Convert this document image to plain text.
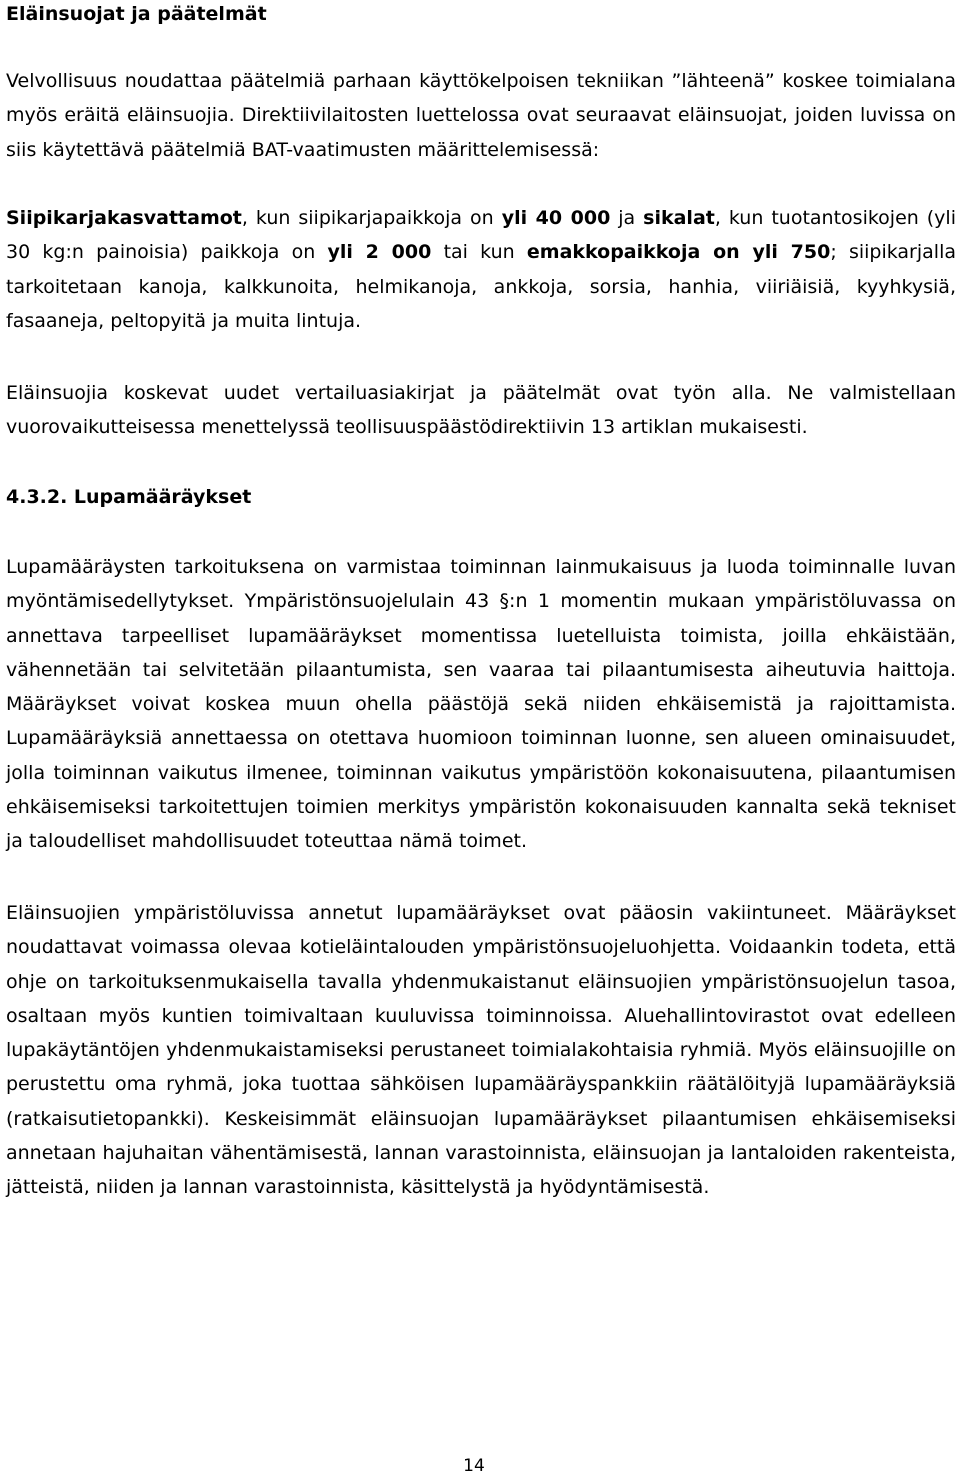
Eläinsuojat ja päätelmät

Velvollisuus noudattaa päätelmiä parhaan käyttökelpoisen tekniikan ”lähteenä” koskee toimialana myös eräitä eläinsuojia. Direktiivilaitosten luettelossa ovat seuraavat eläinsuojat, joiden luvissa on siis käytettävä päätelmiä BAT-vaatimusten määrittelemisessä:

Siipikarjakasvattamot, kun siipikarjapaikkoja on yli 40 000 ja sikalat, kun tuotantosikojen (yli 30 kg:n painoisia) paikkoja on yli 2 000 tai kun emakkopaikkoja on yli 750; siipikarjalla tarkoitetaan kanoja, kalkkunoita, helmikanoja, ankkoja, sorsia, hanhia, viiriäisiä, kyyhkysiä, fasaaneja, peltopyitä ja muita lintuja.

Eläinsuojia koskevat uudet vertailuasiakirjat ja päätelmät ovat työn alla. Ne valmistellaan vuorovaikutteisessa menettelyssä teollisuuspäästödirektiivin 13 artiklan mukaisesti.

4.3.2. Lupamääräykset

Lupamääräysten tarkoituksena on varmistaa toiminnan lainmukaisuus ja luoda toiminnalle luvan myöntämisedellytykset. Ympäristönsuojelulain 43 §:n 1 momentin mukaan ympäristöluvassa on annettava tarpeelliset lupamääräykset momentissa luetelluista toimista, joilla ehkäistään, vähennetään tai selvitetään pilaantumista, sen vaaraa tai pilaantumisesta aiheutuvia haittoja. Määräykset voivat koskea muun ohella päästöjä sekä niiden ehkäisemistä ja rajoittamista. Lupamääräyksiä annettaessa on otettava huomioon toiminnan luonne, sen alueen ominaisuudet, jolla toiminnan vaikutus ilmenee, toiminnan vaikutus ympäristöön kokonaisuutena, pilaantumisen ehkäisemiseksi tarkoitettujen toimien merkitys ympäristön kokonaisuuden kannalta sekä tekniset ja taloudelliset mahdollisuudet toteuttaa nämä toimet.

Eläinsuojien ympäristöluvissa annetut lupamääräykset ovat pääosin vakiintuneet. Määräykset noudattavat voimassa olevaa kotieläintalouden ympäristönsuojeluohjetta. Voidaankin todeta, että ohje on tarkoituksenmukaisella tavalla yhdenmukaistanut eläinsuojien ympäristönsuojelun tasoa, osaltaan myös kuntien toimivaltaan kuuluvissa toiminnoissa. Aluehallintovirastot ovat edelleen lupakäytäntöjen yhdenmukaistamiseksi perustaneet toimialakohtaisia ryhmiä. Myös eläinsuojille on perustettu oma ryhmä, joka tuottaa sähköisen lupamääräyspankkiin räätälöityjä lupamääräyksiä (ratkaisutietopankki). Keskeisimmät eläinsuojan lupamääräykset pilaantumisen ehkäisemiseksi annetaan hajuhaitan vähentämisestä, lannan varastoinnista, eläinsuojan ja lantaloiden rakenteista, jätteistä, niiden ja lannan varastoinnista, käsittelystä ja hyödyntämisestä.

14
